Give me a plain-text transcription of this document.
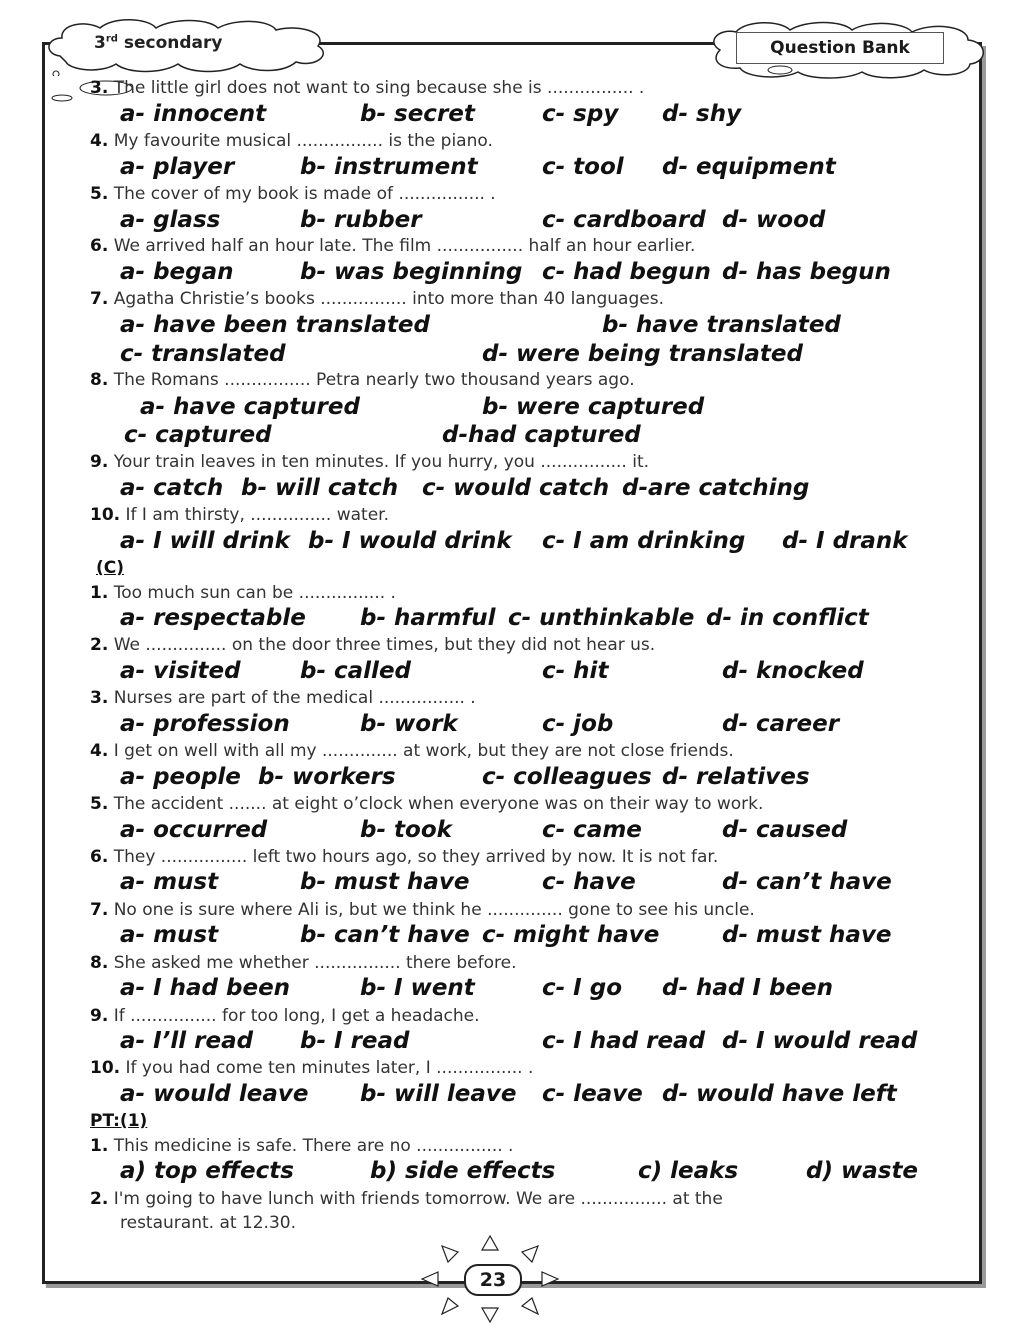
3rd secondary	Question Bank
3. The little girl does not want to sing because she is ................ .
a- innocent	b- secret	c- spy d- shy
4. My favourite musical ................ is the piano.
a- player	b- instrument	c- tool d- equipment
5. The cover of my book is made of ................ .
a- glass	b- rubber	c- cardboard d- wood
6. We arrived half an hour late. The film ................ half an hour earlier.
a- began	b- was beginning c- had begun d- has begun
7. Agatha Christie’s books ................ into more than 40 languages.
a- have been translated	b- have translated
c- translated	d- were being translated
8. The Romans ................ Petra nearly two thousand years ago.
a- have captured	b- were captured
c- captured	d-had captured
9. Your train leaves in ten minutes. If you hurry, you ................ it.
a- catch b- will catch c- would catch d-are catching
10. If I am thirsty, ............... water.
a- I will drink b- I would drink c- I am drinking d- I drank
(C)
1. Too much sun can be ................ .
a- respectable b- harmful c- unthinkable d- in conflict
2. We ............... on the door three times, but they did not hear us.
a- visited	b- called	c- hit	d- knocked
3. Nurses are part of the medical ................ .
a- profession	b- work	c- job	d- career
4. I get on well with all my .............. at work, but they are not close friends.
a- people b- workers	c- colleagues d- relatives
5. The accident ....... at eight o’clock when everyone was on their way to work.
a- occurred	b- took	c- came	d- caused
6. They ................ left two hours ago, so they arrived by now. It is not far.
a- must	b- must have	c- have	d- can’t have
7. No one is sure where Ali is, but we think he .............. gone to see his uncle.
a- must	b- can’t have c- might have	d- must have
8. She asked me whether ................ there before.
a- I had been	b- I went	c- I go d- had I been
9. If ................ for too long, I get a headache.
a- I’ll read b- I read	c- I had read d- I would read
10. If you had come ten minutes later, I ................ .
a- would leave b- will leave c- leave d- would have left
PT:(1)
1. This medicine is safe. There are no ................ .
a) top effects	b) side effects	c) leaks	d) waste
2. I'm going to have lunch with friends tomorrow. We are ................ at the
restaurant. at 12.30.
23
